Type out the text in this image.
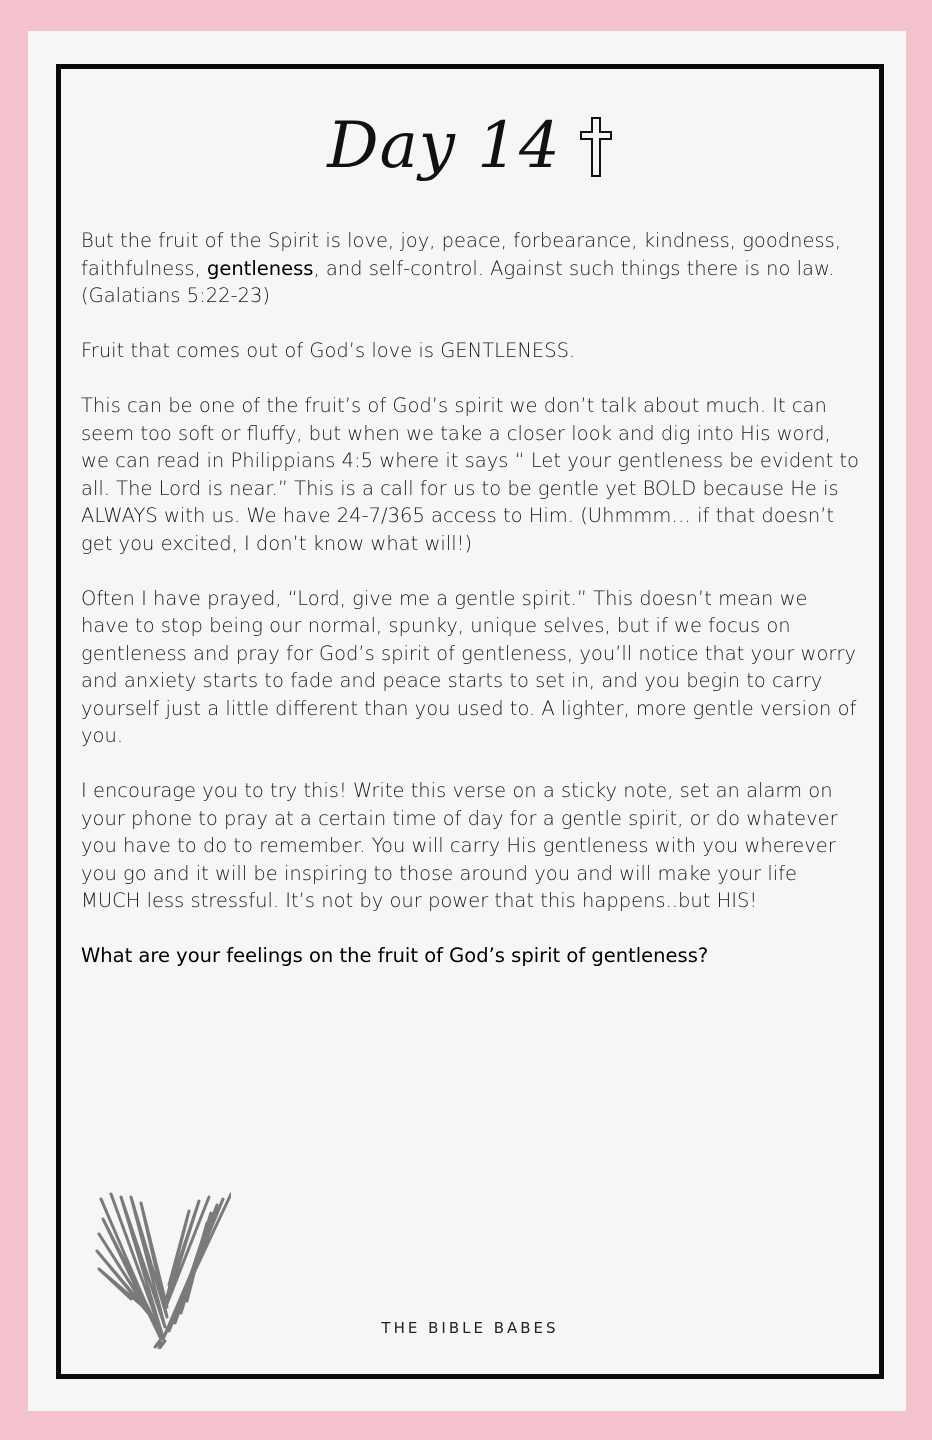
Day 14

But the fruit of the Spirit is love, joy, peace, forbearance, kindness, goodness, faithfulness, gentleness, and self-control. Against such things there is no law. (Galatians 5:22-23)

Fruit that comes out of God’s love is GENTLENESS.

This can be one of the fruit’s of God’s spirit we don’t talk about much. It can seem too soft or fluffy, but when we take a closer look and dig into His word, we can read in Philippians 4:5 where it says “ Let your gentleness be evident to all. The Lord is near.” This is a call for us to be gentle yet BOLD because He is ALWAYS with us. We have 24-7/365 access to Him. (Uhmmm… if that doesn’t get you excited, I don’t know what will!)

Often I have prayed, “Lord, give me a gentle spirit.” This doesn’t mean we have to stop being our normal, spunky, unique selves, but if we focus on gentleness and pray for God’s spirit of gentleness, you’ll notice that your worry and anxiety starts to fade and peace starts to set in, and you begin to carry yourself just a little different than you used to. A lighter, more gentle version of you.

I encourage you to try this! Write this verse on a sticky note, set an alarm on your phone to pray at a certain time of day for a gentle spirit, or do whatever you have to do to remember. You will carry His gentleness with you wherever you go and it will be inspiring to those around you and will make your life MUCH less stressful. It’s not by our power that this happens..but HIS!

What are your feelings on the fruit of God’s spirit of gentleness?

THE BIBLE BABES
